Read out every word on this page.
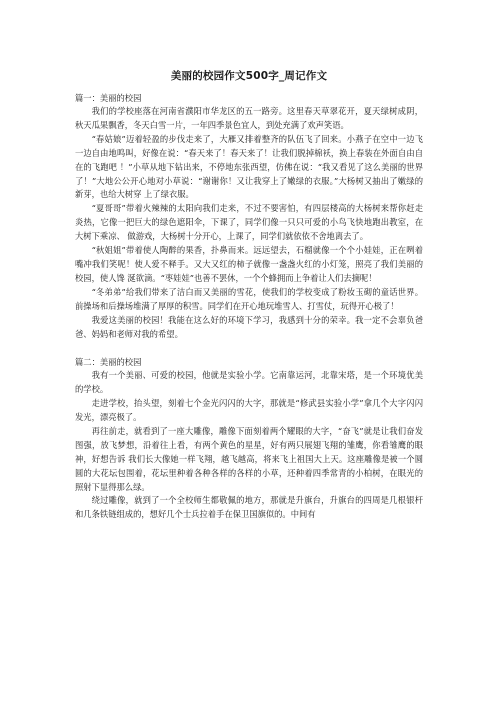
美丽的校园作文500字_周记作文

篇一：美丽的校园

我们的学校座落在河南省濮阳市华龙区的五一路旁。这里春天草翠花开，夏天绿树成阴，秋天瓜果飘香，冬天白雪一片，一年四季景色宜人，到处充满了欢声笑语。

“春姑娘”迈着轻盈的步伐走来了，大雁又排着整齐的队伍飞了回来。小燕子在空中一边飞一边自由地鸣叫，好像在说：“春天来了！春天来了！让我们脱掉棉袄，换上春装在外面自由自在的飞跑吧 ！”小草从地下钻出来，不停地东张西望，仿佛在说：“我又看见了这么美丽的世界了！”大地公公开心地对小草说：“谢谢你！又让我穿上了嫩绿的衣服。”大杨树又抽出了嫩绿的新芽，也给大树穿 上了绿衣服。

“夏哥哥”带着火辣辣的太阳向我们走来，不过不要害怕，有四层楼高的大杨树来帮你赶走炎热，它像一把巨大的绿色遮阳伞，下课了，同学们像一只只可爱的小鸟飞快地跑出教室，在大树下乘凉、 做游戏，大杨树十分开心，上课了，同学们就依依不舍地离去了。

“秋姐姐”带着使人陶醉的果香，扑鼻而来。远远望去，石榴就像一个个小娃娃，正在咧着嘴冲我们笑呢！使人爱不释手。又大又红的柿子就像一盏盏火红的小灯笼，照亮了我们美丽的校园，使人馋 涎欲滴。“枣娃娃”也善不罢休，一个个蜂拥而上争着让人们去摘呢！

“冬弟弟”给我们带来了洁白而又美丽的雪花，使我们的学校变成了粉妆玉砌的童话世界。前操场和后操场堆满了厚厚的积雪。同学们在开心地玩堆雪人、打雪仗，玩得开心极了！

我爱这美丽的校园！我能在这么好的环境下学习，我感到十分的荣幸。我一定不会辜负爸爸、妈妈和老师对我的希望。

篇二：美丽的校园

我有一个美丽、可爱的校园，他就是实验小学。它南靠运河，北靠宋塔，是一个环境优美的学校。

走进学校，抬头望，刻着七个金光闪闪的大字，那就是“修武县实验小学”拿几个大字闪闪发光，漂亮极了。

再往前走，就看到了一座大雕像，雕像下面刻着两个耀眼的大字，“奋飞”就是让我们奋发图强，放飞梦想，沿着往上看，有两个黄色的星星，好有两只展翅飞翔的雏鹰，你看雏鹰的眼神，好想告诉 我们长大像她一样飞翔，越飞越高，将来飞上祖国大上天。这座雕像是被一个圆圆的大花坛包围着，花坛里种着各种各样的各样的小草，还种着四季常青的小柏树，在眼光的照射下显得那么绿。

绕过雕像，就到了一个全校师生都敬佩的地方，那就是升旗台，升旗台的四周是几根银杆和几条铁链组成的，想好几个士兵拉着手在保卫国旗似的。中间有
